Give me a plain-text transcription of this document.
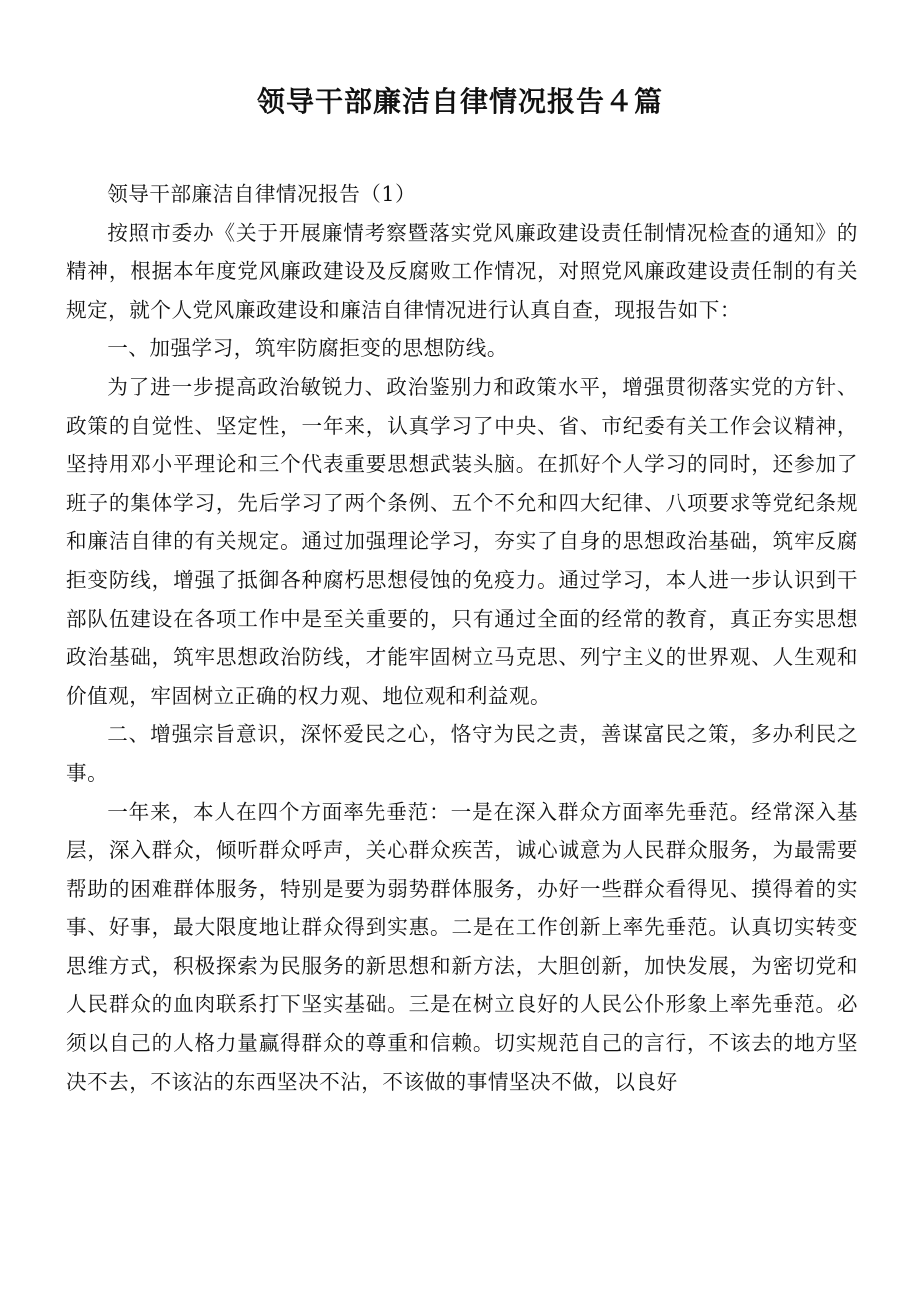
领导干部廉洁自律情况报告４篇

领导干部廉洁自律情况报告（1）

按照市委办《关于开展廉情考察暨落实党风廉政建设责任制情况检查的通知》的精神，根据本年度党风廉政建设及反腐败工作情况，对照党风廉政建设责任制的有关规定，就个人党风廉政建设和廉洁自律情况进行认真自查，现报告如下：

一、加强学习，筑牢防腐拒变的思想防线。

为了进一步提高政治敏锐力、政治鉴别力和政策水平，增强贯彻落实党的方针、政策的自觉性、坚定性，一年来，认真学习了中央、省、市纪委有关工作会议精神，坚持用邓小平理论和三个代表重要思想武装头脑。在抓好个人学习的同时，还参加了班子的集体学习，先后学习了两个条例、五个不允和四大纪律、八项要求等党纪条规和廉洁自律的有关规定。通过加强理论学习，夯实了自身的思想政治基础，筑牢反腐拒变防线，增强了抵御各种腐朽思想侵蚀的免疫力。通过学习，本人进一步认识到干部队伍建设在各项工作中是至关重要的，只有通过全面的经常的教育，真正夯实思想政治基础，筑牢思想政治防线，才能牢固树立马克思、列宁主义的世界观、人生观和价值观，牢固树立正确的权力观、地位观和利益观。

二、增强宗旨意识，深怀爱民之心，恪守为民之责，善谋富民之策，多办利民之事。

一年来，本人在四个方面率先垂范：一是在深入群众方面率先垂范。经常深入基层，深入群众，倾听群众呼声，关心群众疾苦，诚心诚意为人民群众服务，为最需要帮助的困难群体服务，特别是要为弱势群体服务，办好一些群众看得见、摸得着的实事、好事，最大限度地让群众得到实惠。二是在工作创新上率先垂范。认真切实转变思维方式，积极探索为民服务的新思想和新方法，大胆创新，加快发展，为密切党和人民群众的血肉联系打下坚实基础。三是在树立良好的人民公仆形象上率先垂范。必须以自己的人格力量赢得群众的尊重和信赖。切实规范自己的言行，不该去的地方坚决不去，不该沾的东西坚决不沾，不该做的事情坚决不做，以良好
